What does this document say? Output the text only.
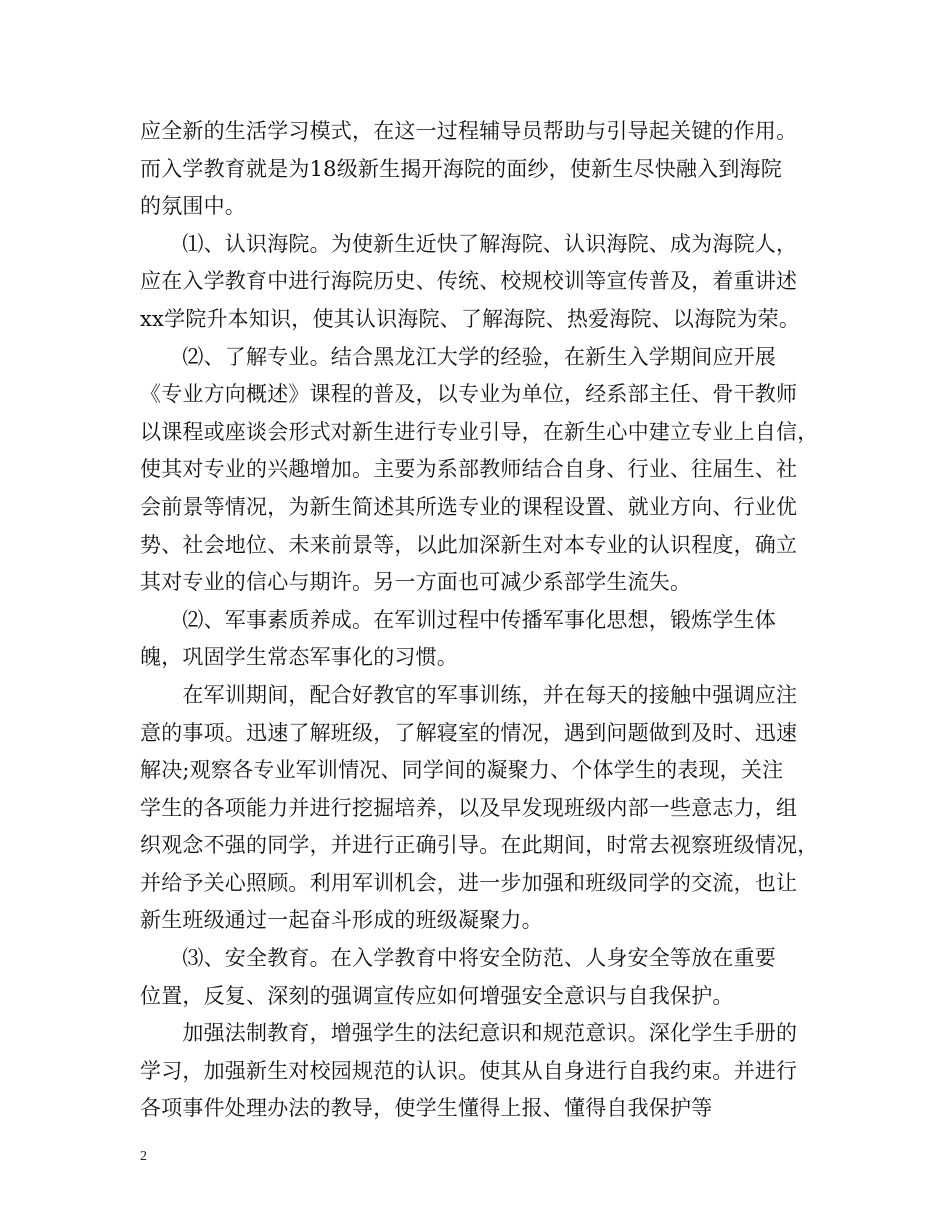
应全新的生活学习模式，在这一过程辅导员帮助与引导起关键的作用。
而入学教育就是为18级新生揭开海院的面纱，使新生尽快融入到海院
的氛围中。
　　⑴、认识海院。为使新生近快了解海院、认识海院、成为海院人，
应在入学教育中进行海院历史、传统、校规校训等宣传普及，着重讲述
xx学院升本知识，使其认识海院、了解海院、热爱海院、以海院为荣。
　　⑵、了解专业。结合黑龙江大学的经验，在新生入学期间应开展
《专业方向概述》课程的普及，以专业为单位，经系部主任、骨干教师
以课程或座谈会形式对新生进行专业引导，在新生心中建立专业上自信，
使其对专业的兴趣增加。主要为系部教师结合自身、行业、往届生、社
会前景等情况，为新生简述其所选专业的课程设置、就业方向、行业优
势、社会地位、未来前景等，以此加深新生对本专业的认识程度，确立
其对专业的信心与期许。另一方面也可减少系部学生流失。
　　⑵、军事素质养成。在军训过程中传播军事化思想，锻炼学生体
魄，巩固学生常态军事化的习惯。
　　在军训期间，配合好教官的军事训练，并在每天的接触中强调应注
意的事项。迅速了解班级，了解寝室的情况，遇到问题做到及时、迅速
解决;观察各专业军训情况、同学间的凝聚力、个体学生的表现，关注
学生的各项能力并进行挖掘培养，以及早发现班级内部一些意志力，组
织观念不强的同学，并进行正确引导。在此期间，时常去视察班级情况，
并给予关心照顾。利用军训机会，进一步加强和班级同学的交流，也让
新生班级通过一起奋斗形成的班级凝聚力。
　　⑶、安全教育。在入学教育中将安全防范、人身安全等放在重要
位置，反复、深刻的强调宣传应如何增强安全意识与自我保护。
　　加强法制教育，增强学生的法纪意识和规范意识。深化学生手册的
学习，加强新生对校园规范的认识。使其从自身进行自我约束。并进行
各项事件处理办法的教导，使学生懂得上报、懂得自我保护等
2
